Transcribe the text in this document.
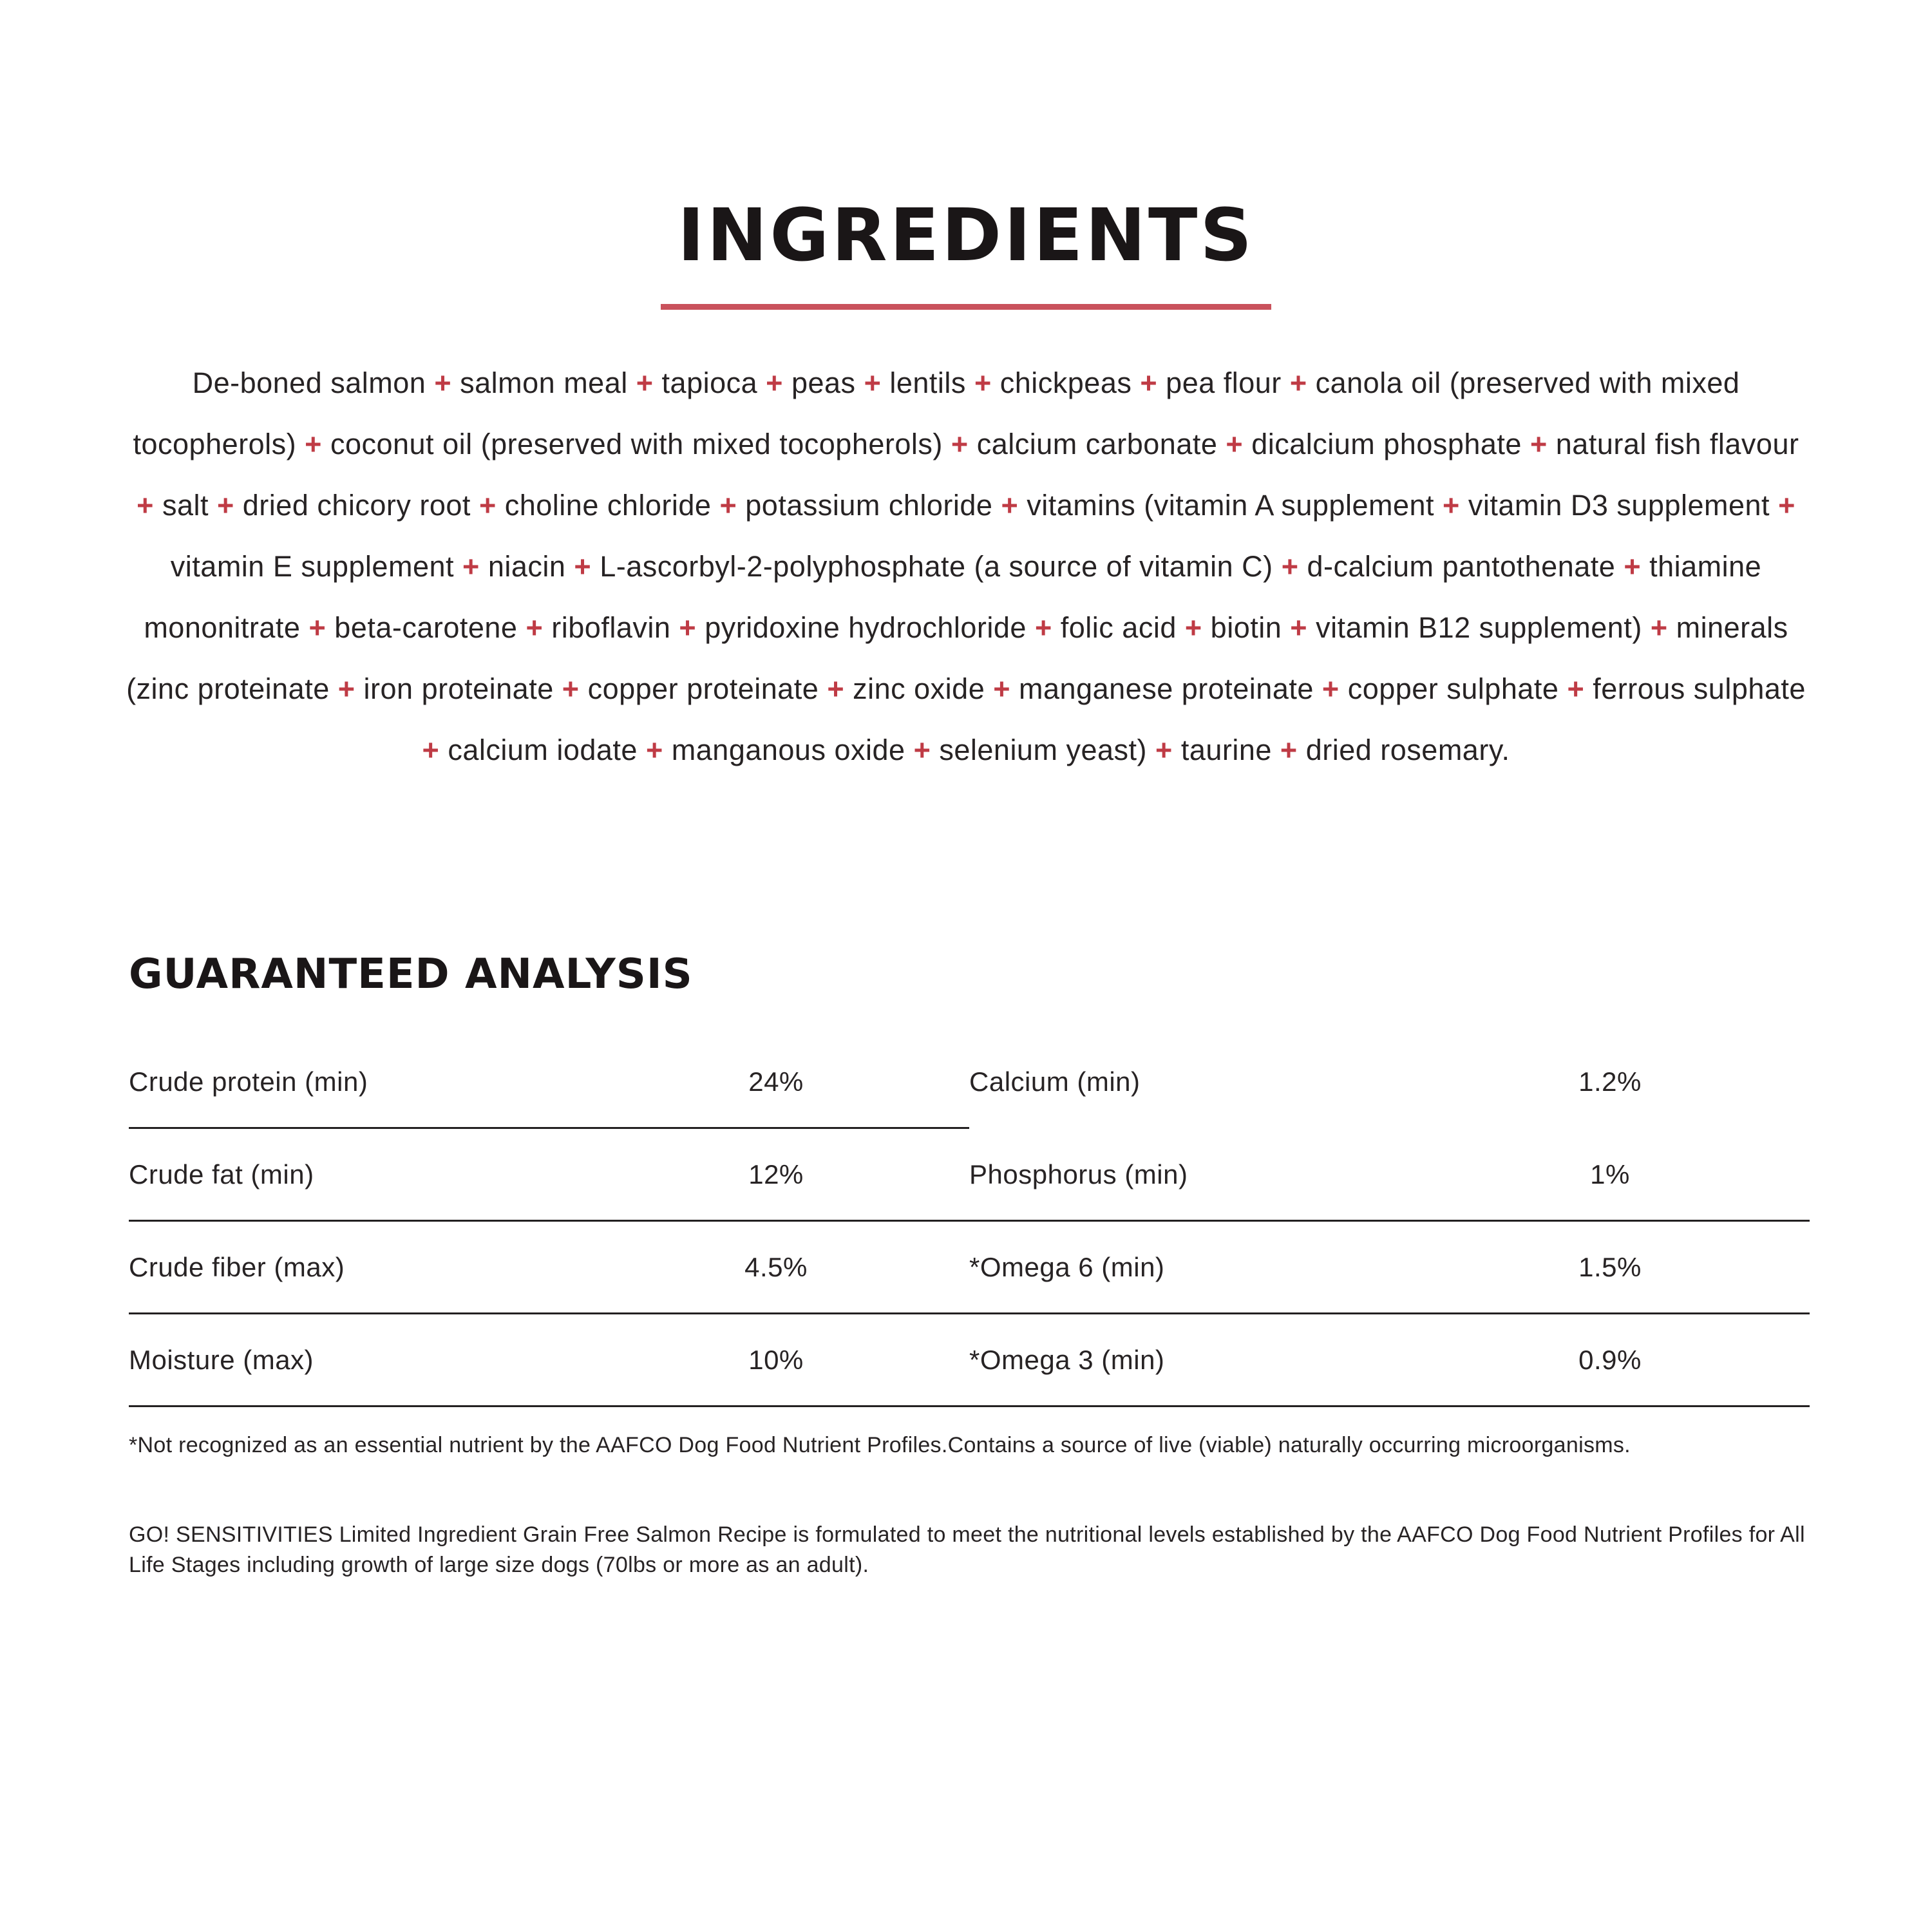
INGREDIENTS

De-boned salmon + salmon meal + tapioca + peas + lentils + chickpeas + pea flour + canola oil (preserved with mixed tocopherols) + coconut oil (preserved with mixed tocopherols) + calcium carbonate + dicalcium phosphate + natural fish flavour + salt + dried chicory root + choline chloride + potassium chloride + vitamins (vitamin A supplement + vitamin D3 supplement + vitamin E supplement + niacin + L-ascorbyl-2-polyphosphate (a source of vitamin C) + d-calcium pantothenate + thiamine mononitrate + beta-carotene + riboflavin + pyridoxine hydrochloride + folic acid + biotin + vitamin B12 supplement) + minerals (zinc proteinate + iron proteinate + copper proteinate + zinc oxide + manganese proteinate + copper sulphate + ferrous sulphate + calcium iodate + manganous oxide + selenium yeast) + taurine + dried rosemary.

GUARANTEED ANALYSIS
Crude protein (min)	24%	Calcium (min)	1.2%
Crude fat (min)	12%	Phosphorus (min)	1%
Crude fiber (max)	4.5%	*Omega 6 (min)	1.5%
Moisture (max)	10%	*Omega 3 (min)	0.9%

*Not recognized as an essential nutrient by the AAFCO Dog Food Nutrient Profiles.Contains a source of live (viable) naturally occurring microorganisms.

GO! SENSITIVITIES Limited Ingredient Grain Free Salmon Recipe is formulated to meet the nutritional levels established by the AAFCO Dog Food Nutrient Profiles for All Life Stages including growth of large size dogs (70lbs or more as an adult).
